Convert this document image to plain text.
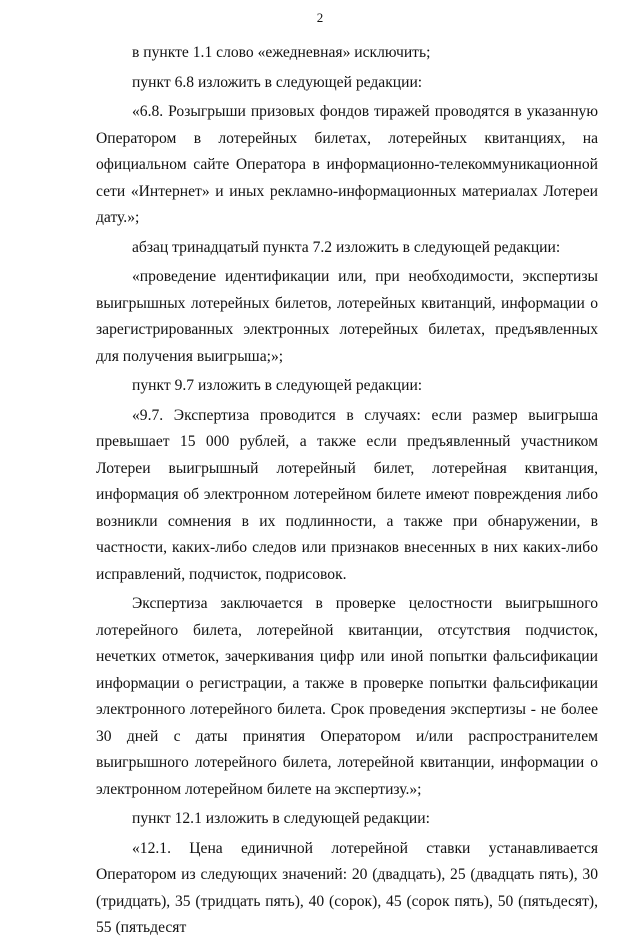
2

в пункте 1.1 слово «ежедневная» исключить;

пункт 6.8 изложить в следующей редакции:

«6.8. Розыгрыши призовых фондов тиражей проводятся в указанную Оператором в лотерейных билетах, лотерейных квитанциях, на официальном сайте Оператора в информационно-телекоммуникационной сети «Интернет» и иных рекламно-информационных материалах Лотереи дату.»;

абзац тринадцатый пункта 7.2 изложить в следующей редакции:

«проведение идентификации или, при необходимости, экспертизы выигрышных лотерейных билетов, лотерейных квитанций, информации о зарегистрированных электронных лотерейных билетах, предъявленных для получения выигрыша;»;

пункт 9.7 изложить в следующей редакции:

«9.7. Экспертиза проводится в случаях: если размер выигрыша превышает 15 000 рублей, а также если предъявленный участником Лотереи выигрышный лотерейный билет, лотерейная квитанция, информация об электронном лотерейном билете имеют повреждения либо возникли сомнения в их подлинности, а также при обнаружении, в частности, каких-либо следов или признаков внесенных в них каких-либо исправлений, подчисток, подрисовок.

Экспертиза заключается в проверке целостности выигрышного лотерейного билета, лотерейной квитанции, отсутствия подчисток, нечетких отметок, зачеркивания цифр или иной попытки фальсификации информации о регистрации, а также в проверке попытки фальсификации электронного лотерейного билета. Срок проведения экспертизы - не более 30 дней с даты принятия Оператором и/или распространителем выигрышного лотерейного билета, лотерейной квитанции, информации о электронном лотерейном билете на экспертизу.»;

пункт 12.1 изложить в следующей редакции:

«12.1. Цена единичной лотерейной ставки устанавливается Оператором из следующих значений: 20 (двадцать), 25 (двадцать пять), 30 (тридцать), 35 (тридцать пять), 40 (сорок), 45 (сорок пять), 50 (пятьдесят), 55 (пятьдесят
